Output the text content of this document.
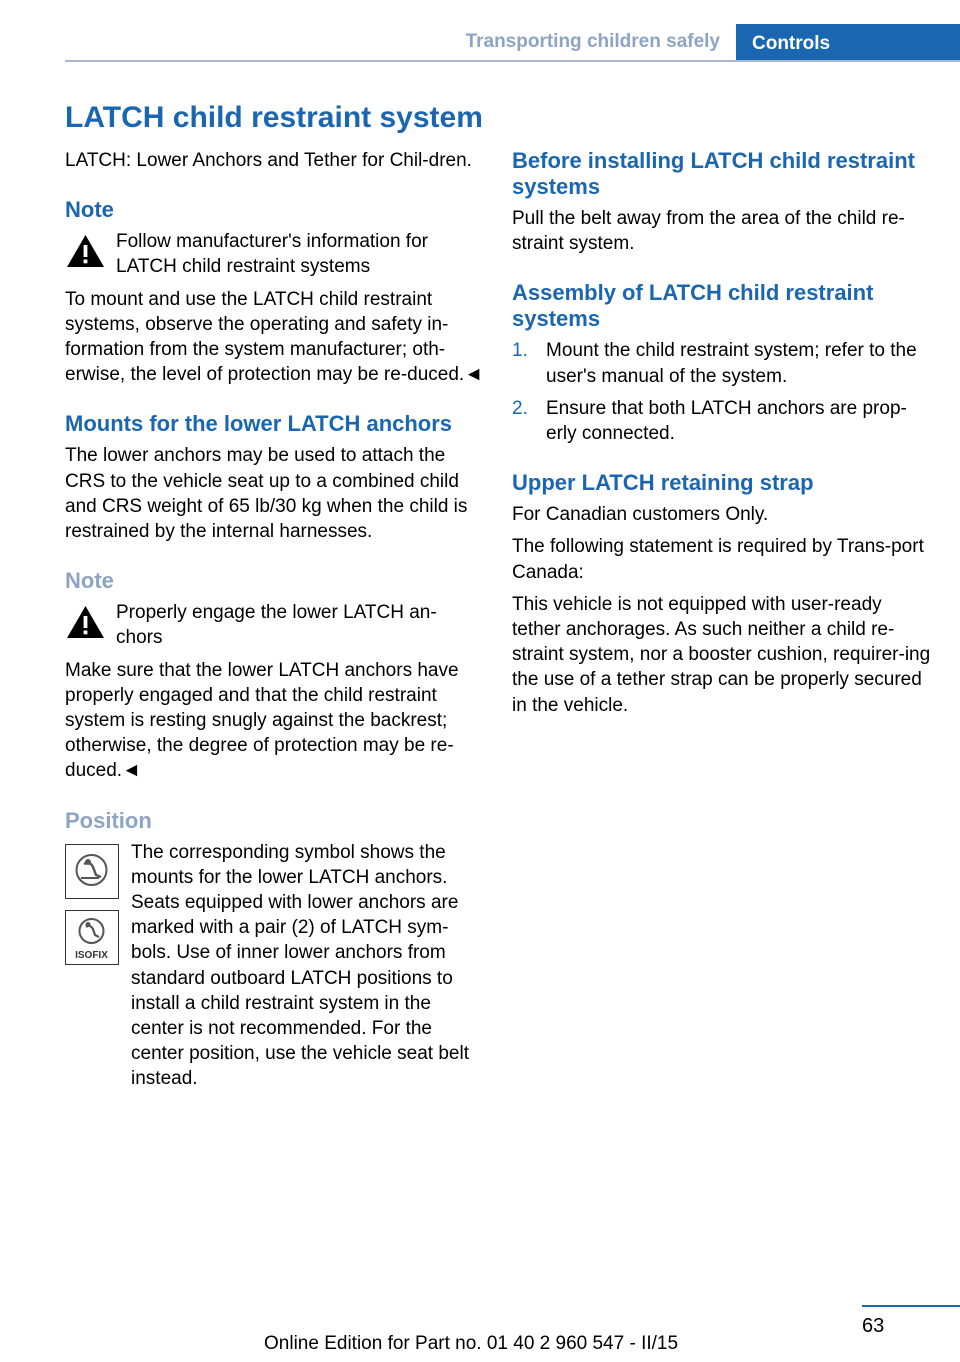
Transporting children safely	Controls
LATCH child restraint system

LATCH: Lower Anchors and Tether for Chil-dren.

Note
Follow manufacturer's information for LATCH child restraint systems

To mount and use the LATCH child restraint systems, observe the operating and safety in-formation from the system manufacturer; oth-erwise, the level of protection may be re-duced.◄

Mounts for the lower LATCH anchors

The lower anchors may be used to attach the CRS to the vehicle seat up to a combined child and CRS weight of 65 lb/30 kg when the child is restrained by the internal harnesses.

Note
Properly engage the lower LATCH an-chors

Make sure that the lower LATCH anchors have properly engaged and that the child restraint system is resting snugly against the backrest; otherwise, the degree of protection may be re-duced.◄

Position
ISOFIX

The corresponding symbol shows the mounts for the lower LATCH anchors. Seats equipped with lower anchors are marked with a pair (2) of LATCH sym-bols. Use of inner lower anchors from standard outboard LATCH positions to install a child restraint system in the center is not recommended. For the center position, use the vehicle seat belt instead.

Before installing LATCH child restraint systems

Pull the belt away from the area of the child re-straint system.

Assembly of LATCH child restraint systems
1. Mount the child restraint system; refer to the user's manual of the system.
2. Ensure that both LATCH anchors are prop-erly connected.
Upper LATCH retaining strap

For Canadian customers Only.

The following statement is required by Trans-port Canada:

This vehicle is not equipped with user-ready tether anchorages. As such neither a child re-straint system, nor a booster cushion, requirer-ing the use of a tether strap can be properly secured in the vehicle.

63
Online Edition for Part no. 01 40 2 960 547 - II/15
